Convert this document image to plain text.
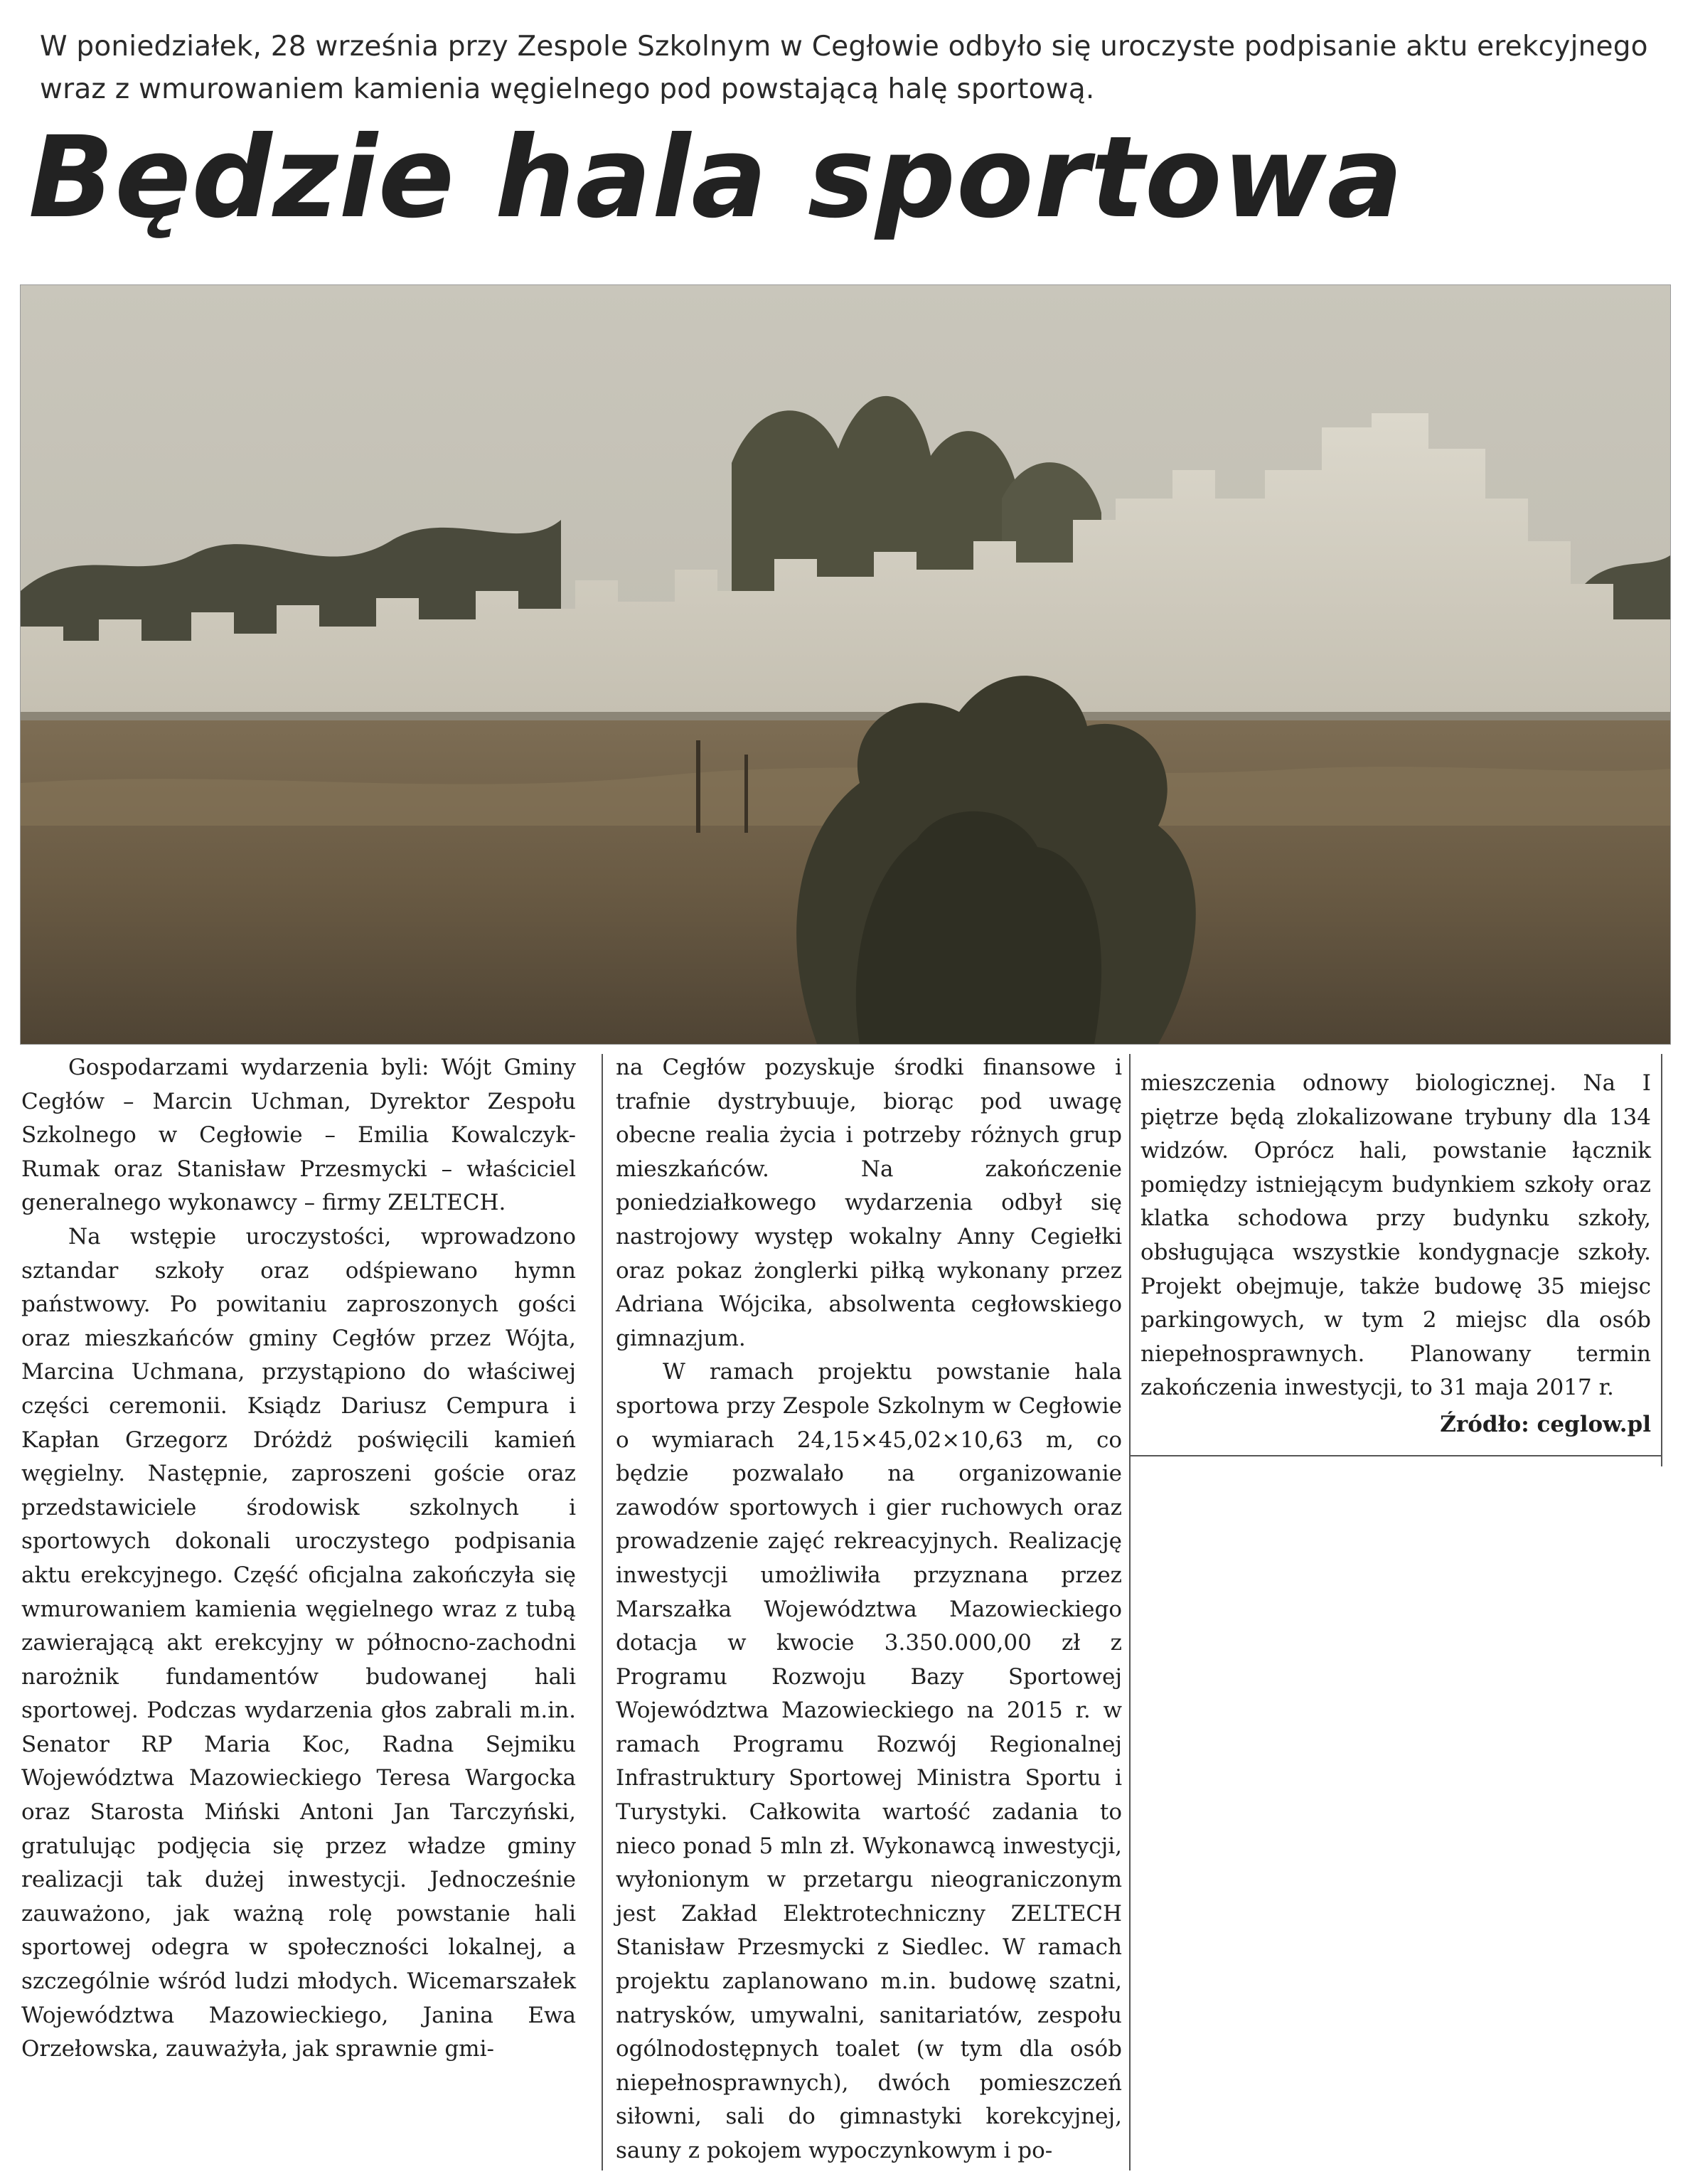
W poniedziałek, 28 września przy Zespole Szkolnym w Cegłowie odbyło się uroczyste podpisanie aktu erekcyjnego wraz z wmurowaniem kamienia węgielnego pod powstającą halę sportową.

Będzie hala sportowa

Gospodarzami wydarzenia byli: Wójt Gminy Cegłów – Marcin Uchman, Dyrektor Zespołu Szkolnego w Cegłowie – Emilia Kowalczyk-Rumak oraz Stanisław Przesmycki – właściciel generalnego wykonawcy – firmy ZELTECH.

Na wstępie uroczystości, wprowadzono sztandar szkoły oraz odśpiewano hymn państwowy. Po powitaniu zaproszonych gości oraz mieszkańców gminy Cegłów przez Wójta, Marcina Uchmana, przystąpiono do właściwej części ceremonii. Ksiądz Dariusz Cempura i Kapłan Grzegorz Dróżdż poświęcili kamień węgielny. Następnie, zaproszeni goście oraz przedstawiciele środowisk szkolnych i sportowych dokonali uroczystego podpisania aktu erekcyjnego. Część oficjalna zakończyła się wmurowaniem kamienia węgielnego wraz z tubą zawierającą akt erekcyjny w północno-zachodni narożnik fundamentów budowanej hali sportowej. Podczas wydarzenia głos zabrali m.in. Senator RP Maria Koc, Radna Sejmiku Województwa Mazowieckiego Teresa Wargocka oraz Starosta Miński Antoni Jan Tarczyński, gratulując podjęcia się przez władze gminy realizacji tak dużej inwestycji. Jednocześnie zauważono, jak ważną rolę powstanie hali sportowej odegra w społeczności lokalnej, a szczególnie wśród ludzi młodych. Wicemarszałek Województwa Mazowieckiego, Janina Ewa Orzełowska, zauważyła, jak sprawnie gmi-

na Cegłów pozyskuje środki finansowe i trafnie dystrybuuje, biorąc pod uwagę obecne realia życia i potrzeby różnych grup mieszkańców. Na zakończenie poniedziałkowego wydarzenia odbył się nastrojowy występ wokalny Anny Cegiełki oraz pokaz żonglerki piłką wykonany przez Adriana Wójcika, absolwenta cegłowskiego gimnazjum.

W ramach projektu powstanie hala sportowa przy Zespole Szkolnym w Cegłowie o wymiarach 24,15×45,02×10,63 m, co będzie pozwalało na organizowanie zawodów sportowych i gier ruchowych oraz prowadzenie zajęć rekreacyjnych. Realizację inwestycji umożliwiła przyznana przez Marszałka Województwa Mazowieckiego dotacja w kwocie 3.350.000,00 zł z Programu Rozwoju Bazy Sportowej Województwa Mazowieckiego na 2015 r. w ramach Programu Rozwój Regionalnej Infrastruktury Sportowej Ministra Sportu i Turystyki. Całkowita wartość zadania to nieco ponad 5 mln zł. Wykonawcą inwestycji, wyłonionym w przetargu nieograniczonym jest Zakład Elektrotechniczny ZELTECH Stanisław Przesmycki z Siedlec. W ramach projektu zaplanowano m.in. budowę szatni, natrysków, umywalni, sanitariatów, zespołu ogólnodostępnych toalet (w tym dla osób niepełnosprawnych), dwóch pomieszczeń siłowni, sali do gimnastyki korekcyjnej, sauny z pokojem wypoczynkowym i po-

mieszczenia odnowy biologicznej. Na I piętrze będą zlokalizowane trybuny dla 134 widzów. Oprócz hali, powstanie łącznik pomiędzy istniejącym budynkiem szkoły oraz klatka schodowa przy budynku szkoły, obsługująca wszystkie kondygnacje szkoły. Projekt obejmuje, także budowę 35 miejsc parkingowych, w tym 2 miejsc dla osób niepełnosprawnych. Planowany termin zakończenia inwestycji, to 31 maja 2017 r.

Źródło: ceglow.pl
